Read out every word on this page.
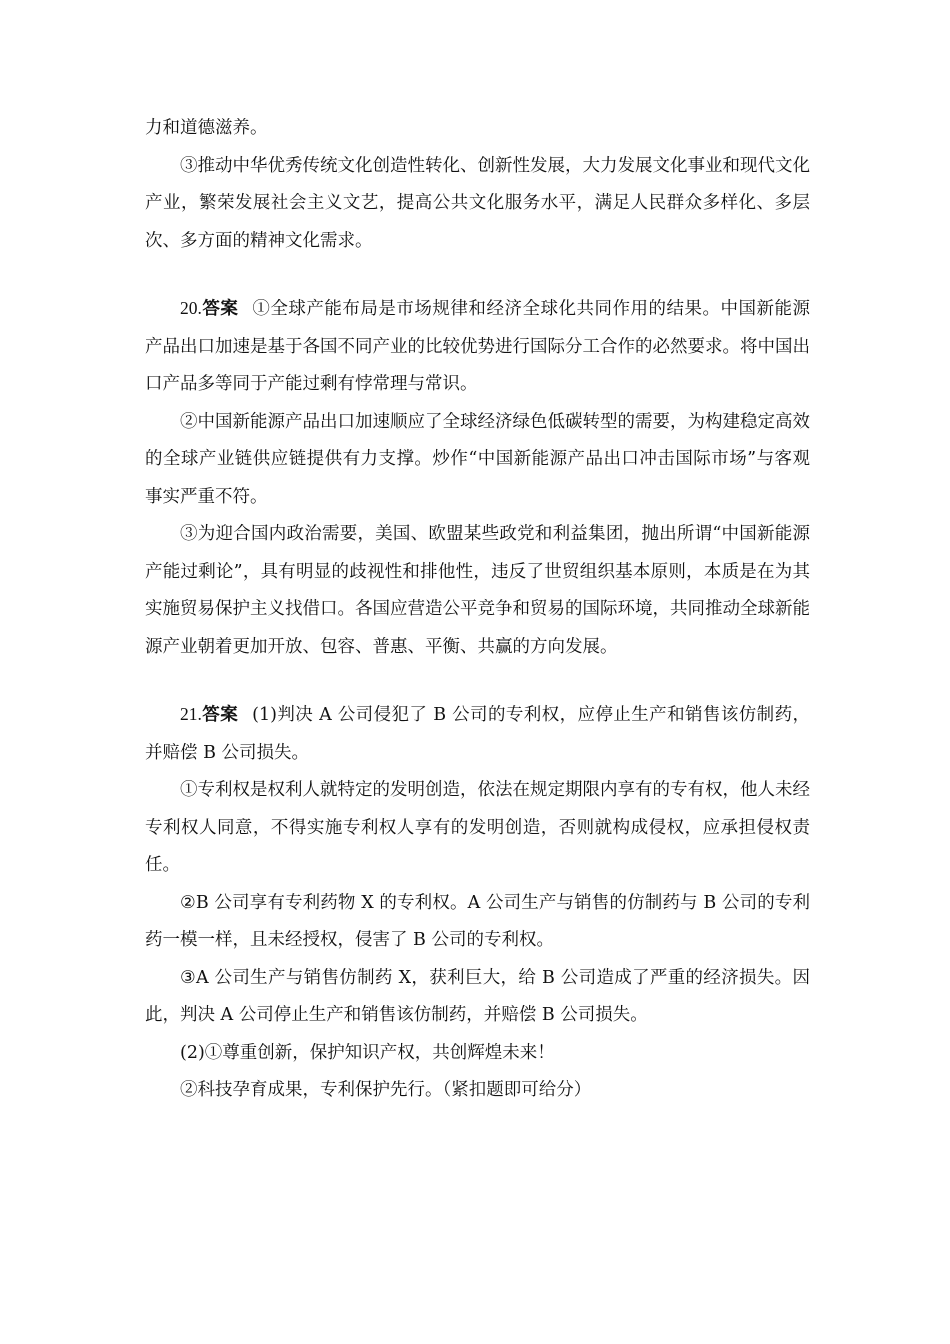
力和道德滋养。

③推动中华优秀传统文化创造性转化、创新性发展，大力发展文化事业和现代文化产业，繁荣发展社会主义文艺，提高公共文化服务水平，满足人民群众多样化、多层次、多方面的精神文化需求。

20.答案 ①全球产能布局是市场规律和经济全球化共同作用的结果。中国新能源产品出口加速是基于各国不同产业的比较优势进行国际分工合作的必然要求。将中国出口产品多等同于产能过剩有悖常理与常识。

②中国新能源产品出口加速顺应了全球经济绿色低碳转型的需要，为构建稳定高效的全球产业链供应链提供有力支撑。炒作“中国新能源产品出口冲击国际市场”与客观事实严重不符。

③为迎合国内政治需要，美国、欧盟某些政党和利益集团，抛出所谓“中国新能源产能过剩论”，具有明显的歧视性和排他性，违反了世贸组织基本原则，本质是在为其实施贸易保护主义找借口。各国应营造公平竞争和贸易的国际环境，共同推动全球新能源产业朝着更加开放、包容、普惠、平衡、共赢的方向发展。

21.答案 (1)判决 A 公司侵犯了 B 公司的专利权，应停止生产和销售该仿制药，并赔偿 B 公司损失。

①专利权是权利人就特定的发明创造，依法在规定期限内享有的专有权，他人未经专利权人同意，不得实施专利权人享有的发明创造，否则就构成侵权，应承担侵权责任。

②B 公司享有专利药物 X 的专利权。A 公司生产与销售的仿制药与 B 公司的专利药一模一样，且未经授权，侵害了 B 公司的专利权。

③A 公司生产与销售仿制药 X，获利巨大，给 B 公司造成了严重的经济损失。因此，判决 A 公司停止生产和销售该仿制药，并赔偿 B 公司损失。

(2)①尊重创新，保护知识产权，共创辉煌未来！

②科技孕育成果，专利保护先行。（紧扣题即可给分）
